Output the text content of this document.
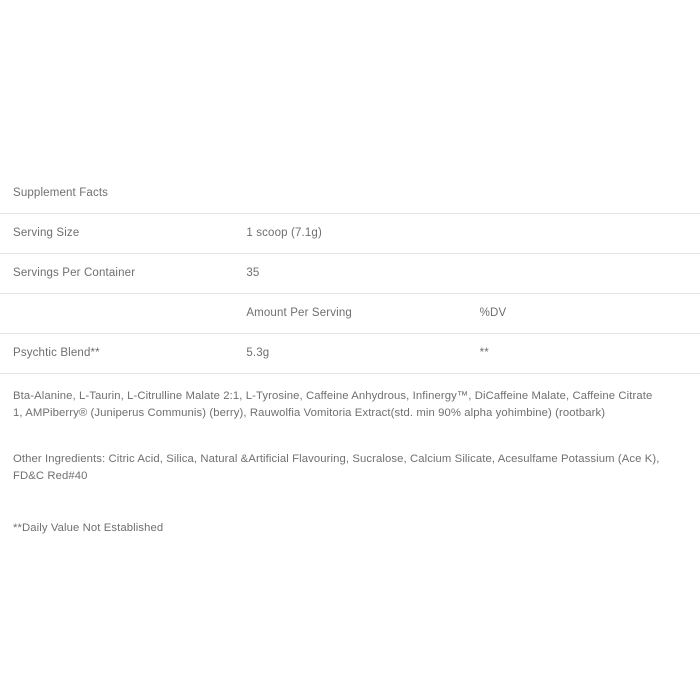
Supplement Facts		
Serving Size	1 scoop (7.1g)	
Servings Per Container	35	
	Amount Per Serving	%DV
Psychtic Blend**	5.3g	**
Bta-Alanine, L-Taurin, L-Citrulline Malate 2:1, L-Tyrosine, Caffeine Anhydrous, Infinergy™, DiCaffeine Malate, Caffeine Citrate 1, AMPiberry® (Juniperus Communis) (berry), Rauwolfia Vomitoria Extract(std. min 90% alpha yohimbine) (rootbark)
Other Ingredients: Citric Acid, Silica, Natural &Artificial Flavouring, Sucralose, Calcium Silicate, Acesulfame Potassium (Ace K), FD&C Red#40
**Daily Value Not Established
